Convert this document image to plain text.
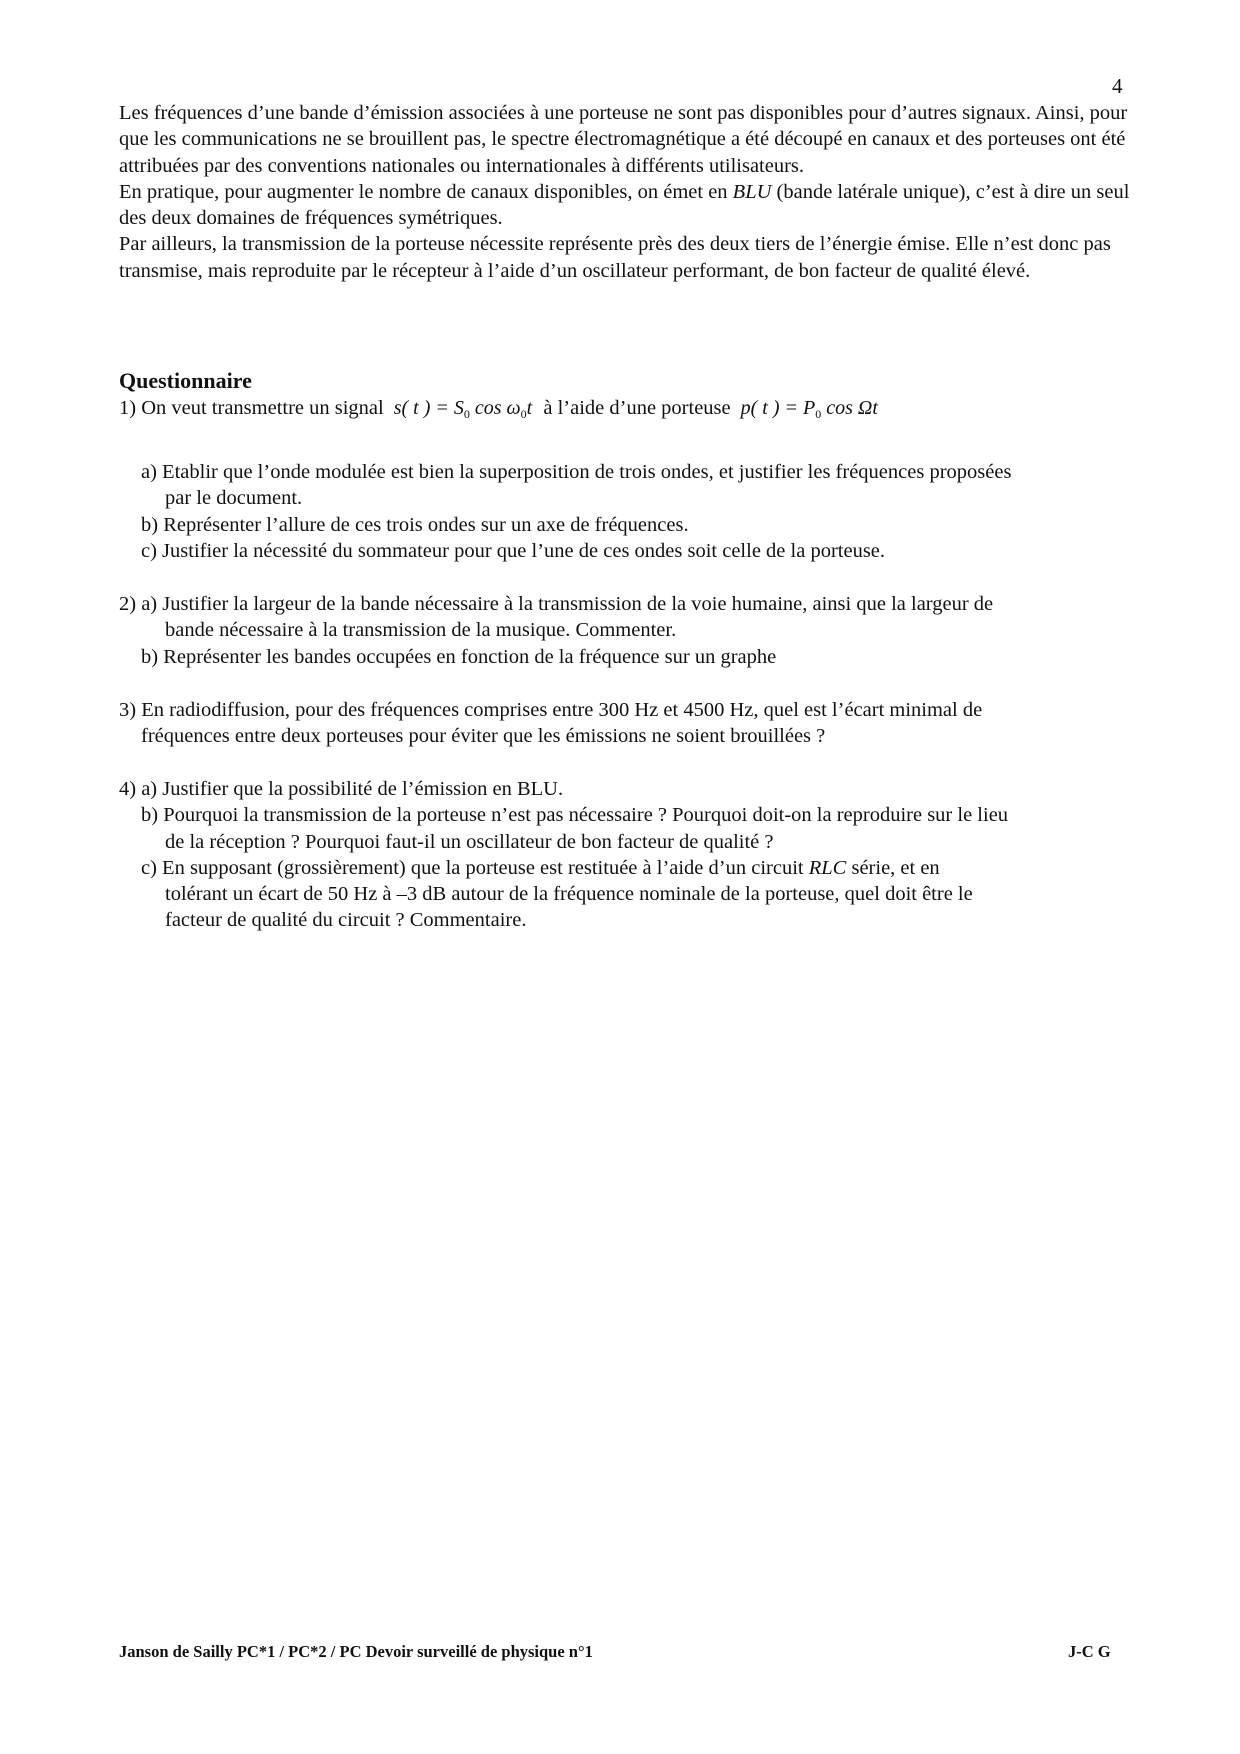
4

Les fréquences d’une bande d’émission associées à une porteuse ne sont pas disponibles pour d’autres signaux. Ainsi, pour que les communications ne se brouillent pas, le spectre électromagnétique a été découpé en canaux et des porteuses ont été attribuées par des conventions nationales ou internationales à différents utilisateurs.

En pratique, pour augmenter le nombre de canaux disponibles, on émet en BLU (bande latérale unique), c’est à dire un seul des deux domaines de fréquences symétriques.

Par ailleurs, la transmission de la porteuse nécessite représente près des deux tiers de l’énergie émise. Elle n’est donc pas transmise, mais reproduite par le récepteur à l’aide d’un oscillateur performant, de bon facteur de qualité élevé.

Questionnaire

1) On veut transmettre un signal s( t ) = $S_0$ $\cos \omega_0t$ à l’aide d’une porteuse p( t ) = $P_0$ cos Ωt

a) Etablir que l’onde modulée est bien la superposition de trois ondes, et justifier les fréquences proposées

par le document.

b) Représenter l’allure de ces trois ondes sur un axe de fréquences.

c) Justifier la nécessité du sommateur pour que l’une de ces ondes soit celle de la porteuse.

2) a) Justifier la largeur de la bande nécessaire à la transmission de la voie humaine, ainsi que la largeur de

bande nécessaire à la transmission de la musique. Commenter.

b) Représenter les bandes occupées en fonction de la fréquence sur un graphe

3) En radiodiffusion, pour des fréquences comprises entre 300 Hz et 4500 Hz, quel est l’écart minimal de

fréquences entre deux porteuses pour éviter que les émissions ne soient brouillées ?

4) a) Justifier que la possibilité de l’émission en BLU.

b) Pourquoi la transmission de la porteuse n’est pas nécessaire ? Pourquoi doit-on la reproduire sur le lieu

de la réception ? Pourquoi faut-il un oscillateur de bon facteur de qualité ?

c) En supposant (grossièrement) que la porteuse est restituée à l’aide d’un circuit RLC série, et en

tolérant un écart de 50 Hz à –3 dB autour de la fréquence nominale de la porteuse, quel doit être le

facteur de qualité du circuit ? Commentaire.

Janson de Sailly PC*1 / PC*2 / PC Devoir surveillé de physique n°1	J-C G
